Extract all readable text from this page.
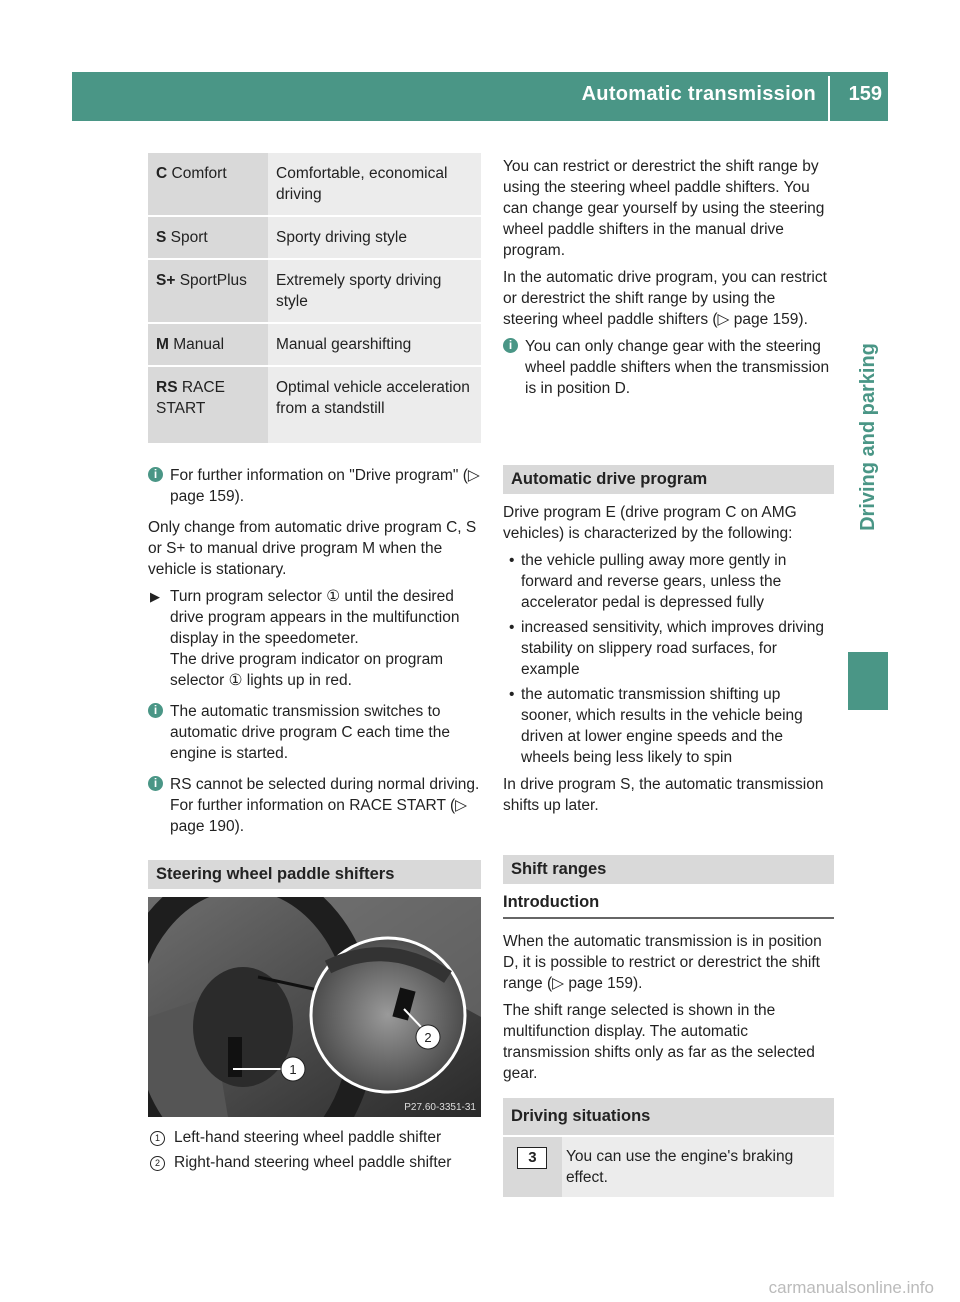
Automatic transmission 159
Driving and parking
C Comfort	Comfortable, economical driving
S Sport	Sporty driving style
S+ SportPlus	Extremely sporty driving style
M Manual	Manual gearshifting
RS RACE START	Optimal vehicle acceleration from a standstill
i For further information on "Drive program" (▷ page 159).

Only change from automatic drive program C, S or S+ to manual drive program M when the vehicle is stationary.

▶ Turn program selector ① until the desired drive program appears in the multifunction display in the speedometer.
The drive program indicator on program selector ① lights up in red.
i The automatic transmission switches to automatic drive program C each time the engine is started.
i RS cannot be selected during normal driving. For further information on RACE START (▷ page 190).
Steering wheel paddle shifters
1
2
P27.60-3351-31
1 Left-hand steering wheel paddle shifter
2 Right-hand steering wheel paddle shifter

You can restrict or derestrict the shift range by using the steering wheel paddle shifters. You can change gear yourself by using the steering wheel paddle shifters in the manual drive program.

In the automatic drive program, you can restrict or derestrict the shift range by using the steering wheel paddle shifters (▷ page 159).

i You can only change gear with the steering wheel paddle shifters when the transmission is in position D.
Automatic drive program

Drive program E (drive program C on AMG vehicles) is characterized by the following:

• the vehicle pulling away more gently in forward and reverse gears, unless the accelerator pedal is depressed fully
• increased sensitivity, which improves driving stability on slippery road surfaces, for example
• the automatic transmission shifting up sooner, which results in the vehicle being driven at lower engine speeds and the wheels being less likely to spin

In drive program S, the automatic transmission shifts up later.

Shift ranges
Introduction

When the automatic transmission is in position D, it is possible to restrict or derestrict the shift range (▷ page 159).

The shift range selected is shown in the multifunction display. The automatic transmission shifts only as far as the selected gear.

Driving situations
3	You can use the engine's braking effect.
carmanualsonline.info
